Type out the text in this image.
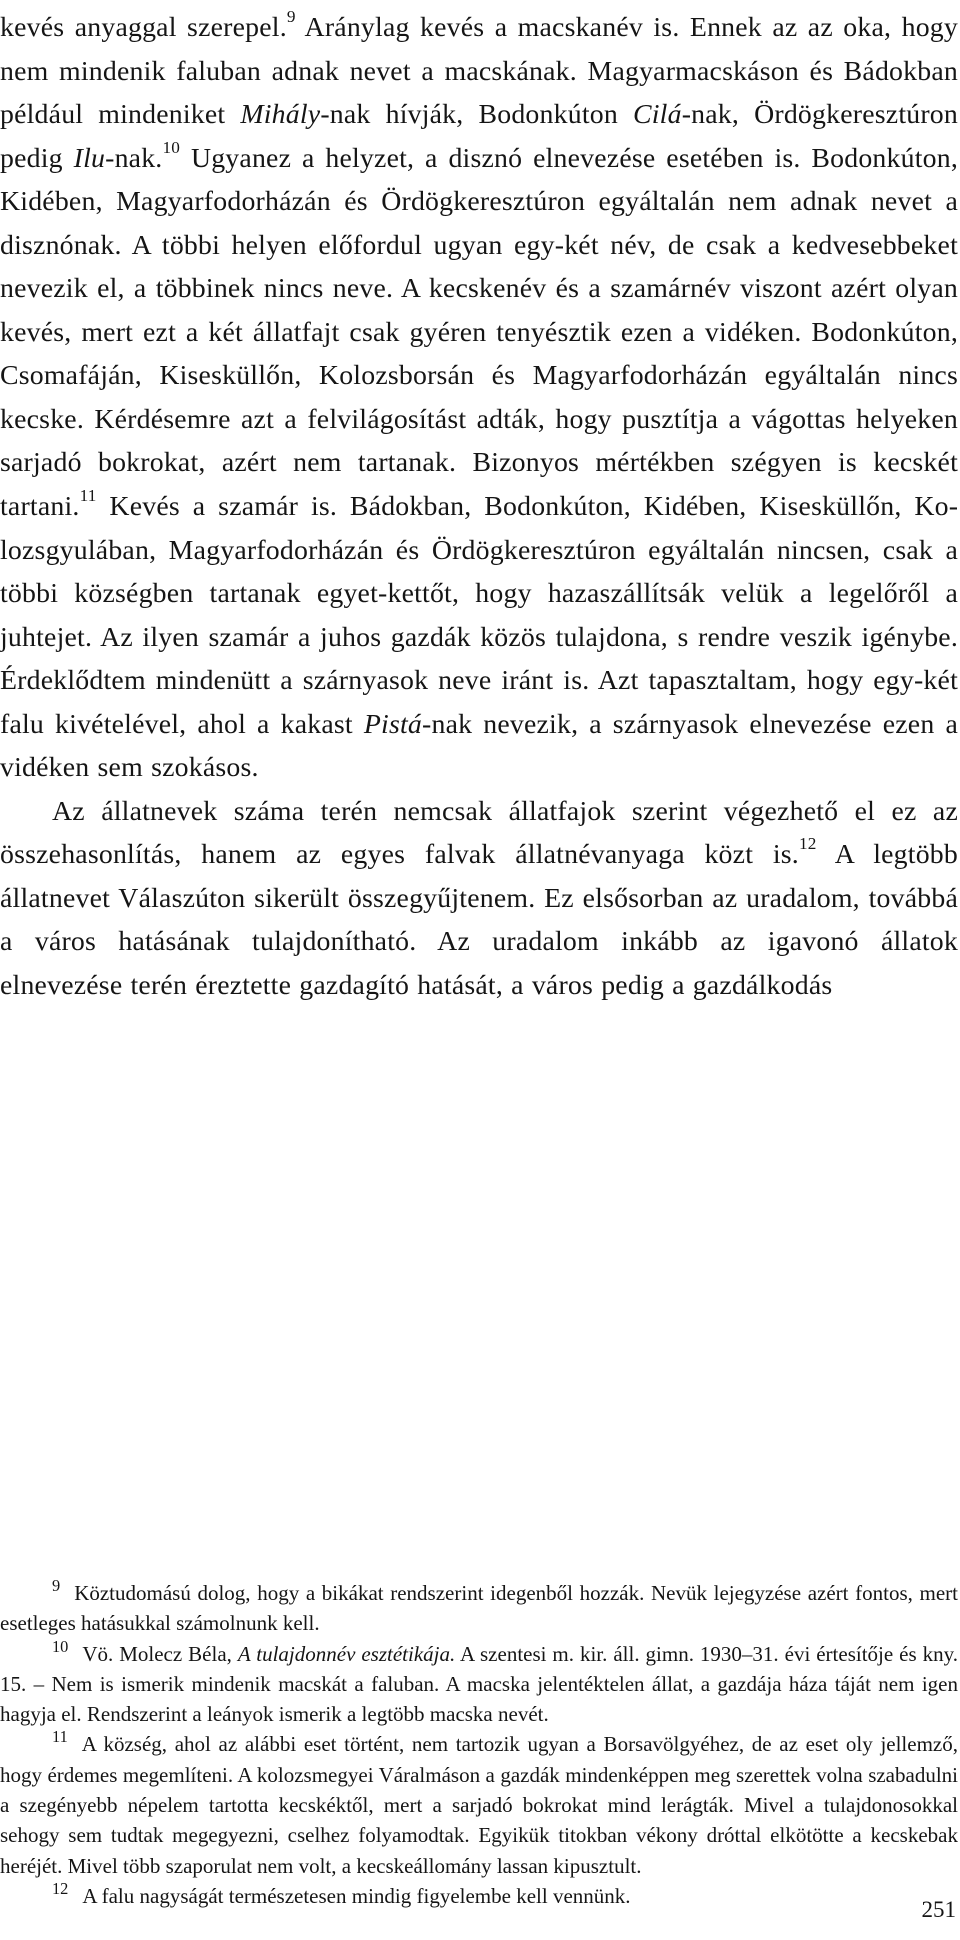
kevés anyaggal szerepel.$^9$ Aránylag kevés a macskanév is. Ennek az az oka, hogy nem mindenik faluban adnak nevet a macskának. Magyarmacskáson és Bádokban például mindeniket Mihály-nak hívják, Bodonkúton Cilá-nak, Ördögkeresztúron pedig Ilu-nak.$^{10}$ Ugyanez a helyzet, a disznó elnevezése esetében is. Bodonkúton, Kidében, Magyarfodorházán és Ördögkeresztúron egyáltalán nem adnak nevet a disznónak. A többi helyen előfordul ugyan egy-két név, de csak a kedvesebbeket nevezik el, a többinek nincs neve. A kecskenév és a szamárnév viszont azért olyan kevés, mert ezt a két állatfajt csak gyéren tenyésztik ezen a vidéken. Bodonkúton, Csomafáján, Kisesküllőn, Kolozsborsán és Magyarfodorházán egyáltalán nincs kecske. Kérdésemre azt a felvilágosítást adták, hogy pusztítja a vágottas helyeken sarjadó bokrokat, azért nem tartanak. Bizonyos mértékben szégyen is kecskét tartani.$^{11}$ Kevés a szamár is. Bádokban, Bodonkúton, Kidében, Kisesküllőn, Kolozsgyulában, Magyarfodorházán és Ördögkeresztúron egyáltalán nincsen, csak a többi községben tartanak egyet-kettőt, hogy hazaszállítsák velük a legelőről a juhtejet. Az ilyen szamár a juhos gazdák közös tulajdona, s rendre veszik igénybe. Érdeklődtem mindenütt a szárnyasok neve iránt is. Azt tapasztaltam, hogy egy-két falu kivételével, ahol a kakast Pistá-nak nevezik, a szárnyasok elnevezése ezen a vidéken sem szokásos.

Az állatnevek száma terén nemcsak állatfajok szerint végezhető el ez az összehasonlítás, hanem az egyes falvak állatnévanyaga közt is.$^{12}$ A legtöbb állatnevet Válaszúton sikerült összegyűjtenem. Ez elsősorban az uradalom, továbbá a város hatásának tulajdonítható. Az uradalom inkább az igavonó állatok elnevezése terén éreztette gazdagító hatását, a város pedig a gazdálkodás

$^9$ Köztudomású dolog, hogy a bikákat rendszerint idegenből hozzák. Nevük lejegyzése azért fontos, mert esetleges hatásukkal számolnunk kell.

$^{10}$ Vö. Molecz Béla, A tulajdonnév esztétikája. A szentesi m. kir. áll. gimn. 1930–31. évi értesítője és kny. 15. – Nem is ismerik mindenik macskát a faluban. A macska jelentéktelen állat, a gazdája háza táját nem igen hagyja el. Rendszerint a leányok ismerik a legtöbb macska nevét.

$^{11}$ A község, ahol az alábbi eset történt, nem tartozik ugyan a Borsavölgyéhez, de az eset oly jellemző, hogy érdemes megemlíteni. A kolozsmegyei Váralmáson a gazdák mindenképpen meg szerettek volna szabadulni a szegényebb népelem tartotta kecskéktől, mert a sarjadó bokrokat mind lerágták. Mivel a tulajdonosokkal sehogy sem tudtak megegyezni, cselhez folyamodtak. Egyikük titokban vékony dróttal elkötötte a kecskebak heréjét. Mivel több szaporulat nem volt, a kecskeállomány lassan kipusztult.

$^{12}$ A falu nagyságát természetesen mindig figyelembe kell vennünk.

251
